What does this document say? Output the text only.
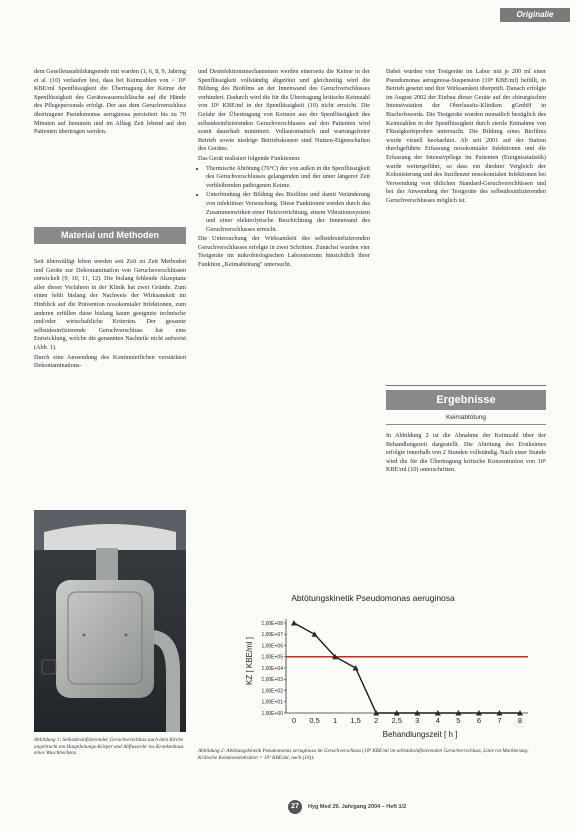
Originalie

dem Gesellenausbildungsende mit warden (1, 6, 8, 9, Jahring et al. (10) verlaufen fest, dass bei Keimzahlen von > 10⁶ KBE/ml Spenflüssigkeit die Übertragung der Keime der Spenflüssigkeit des Gerätswasserschläuche auf die Hände des Pflegepersonals erfolgt. Der aus dem Geruchverschluss übertragene Pseudomonas aeruginosa persistiert bis zu 70 Minuten auf benutzen und im Alltag Zeit lebend auf den Patienten übertragen werden.

Material und Methoden

Seit überwältigt leben werden seit Zeit zu Zeit Methoden und Geräte zur Dekontamination von Geruchsverschlüssen entwickelt (9, 10, 11, 12). Die bislang fehlende Akzeptanz aller dieser Verfahren in der Klinik hat zwei Gründe. Zum einen fehlt bislang der Nachweis der Wirksamkeit im Hinblick auf die Prävention nosokomialer Infektionen, zum anderen erfüllen diese bislang kaum geeignete technische und/oder wirtschaftliche Kriterien. Der gesamte selbstdesinfizierende Geruchverschluss hat eine Entwicklung, welche die genannten Nachteile nicht aufweist (Abb. 1).

Durch eine Anwendung des Kontinuierlichen verstärkten Dekontaminations-

Abbildung 1: Selbstdesinfizierender Geruchverschluss nach dem Kirche angebracht am Hauptleitungs-Körper und Abflussrohr ins Krankenhaus eines Waschbeckens.

und Desinfektionsmechanismen werden einerseits die Keime in der Spenflüssigkeit vollständig abgetötet und gleichzeitig wird die Bildung des Biofilms an der Innenwand des Geruchverschlusses verhindert. Dadurch wird die für die Übertragung kritische Keimzahl von 10⁵ KBE/ml in der Spenflüssigkeit (10) nicht erreicht. Die Gefahr der Übertragung von Keimen aus der Spenflüssigkeit des selbstdesinfizierenden Geruchverschlusses auf den Patienten wird somit dauerhaft minimiert. Vollautomatisch und wartungsfreier Betrieb sowie niedrige Betriebskosten sind Nutzen-Eigenschaften des Gerätes.

Das Gerät realisiert folgende Funktionen:

• Thermische Abtötung (76°C) der von außen in die Spenflüssigkeit des Geruchverschlusses gelangenden und der unter längerer Zeit verbleibenden pathogenen Keime.
• Unterbindung der Bildung des Biofilms und damit Veränderung von infektiöser Verseuchung. Diese Funktionen werden durch das Zusammenwirken einer Heizvorrichtung, einem Vibrationssystem und einer elektrolytische Beschichtung der Innenwand des Geruchverschlusses erreicht.

Die Untersuchung der Wirksamkeit des selbstdesinfizierenden Geruchverschlusses erfolgte in zwei Schritten. Zunächst wurden vier Testgeräte im mikrobiologischen Laboratorium hinsichtlich ihrer Funktion „Keimabtötung" untersucht.

Dabei wurden vier Testgeräte im Labor mit je 200 ml einer Pseudomonas aeruginosa-Suspension (10⁸ KBE/ml) befüllt, in Betrieb gesetzt und ihre Wirksamkeit überprüft. Danach erfolgte im August 2002 der Einbau dieser Geräte auf der chirurgischen Intensivstation der Oberlausitz-Kliniken gGmbH in Bischofswerda. Die Testgeräte wurden monatlich bezüglich des Keimzahlen in der Spenflüssigkeit durch sterile Entnahme von Flüssigkeitsproben untersucht. Die Bildung eines Biofilms wurde visuell beobachtet. Ab seit 2001 auf der Station durchgeführte Erfassung nosokomialer Infektionen und die Erfassung der Intensivpflege im Patienten (Ereignisstatistik) wurde weitergeführt, so dass ein direkter Vergleich der Kolonisierung und des Inzidenzer nosokomialen Infektionen bei Verwendung von üblichen Standard-Geruchverschlüssen und bei der Anwendung der Testgeräte des selbstdesinfizierenden Geruchverschlusses möglich ist.

Ergebnisse
Keimabtötung

In Abbildung 2 ist die Abnahme der Keimzahl über der Behandlungszeit dargestellt. Die Abtötung des Erstkeimes erfolgte innerhalb von 2 Stunden vollständig. Nach einer Stunde wird die für die Übertragung kritische Konzentration von 10⁵ KBE/ml (10) unterschritten.

Abtötungskinetik Pseudomonas aeruginosa
KZ [ KBE/ml ]
Behandlungszeit [ h ]
1,00E+08
1,00E+07
1,00E+06
1,00E+05
1,00E+04
1,00E+03
1,00E+02
1,00E+01
1,00E+00
0 0,5 1 1,5 2 2,5 3 4 5 6 7 8
Abbildung 2: Abtötungskinetik Pseudomonas aeruginosa im Geruchverschluss (10⁸ KBE/ml im selbstdesinfizierenden Geruchverschluss, Linie rot Markierung: Kritische Keimkonzentration = 10⁵ KBE/ml, nach (10)).
27	Hyg Med 29. Jahrgang 2004 – Heft 1/2
